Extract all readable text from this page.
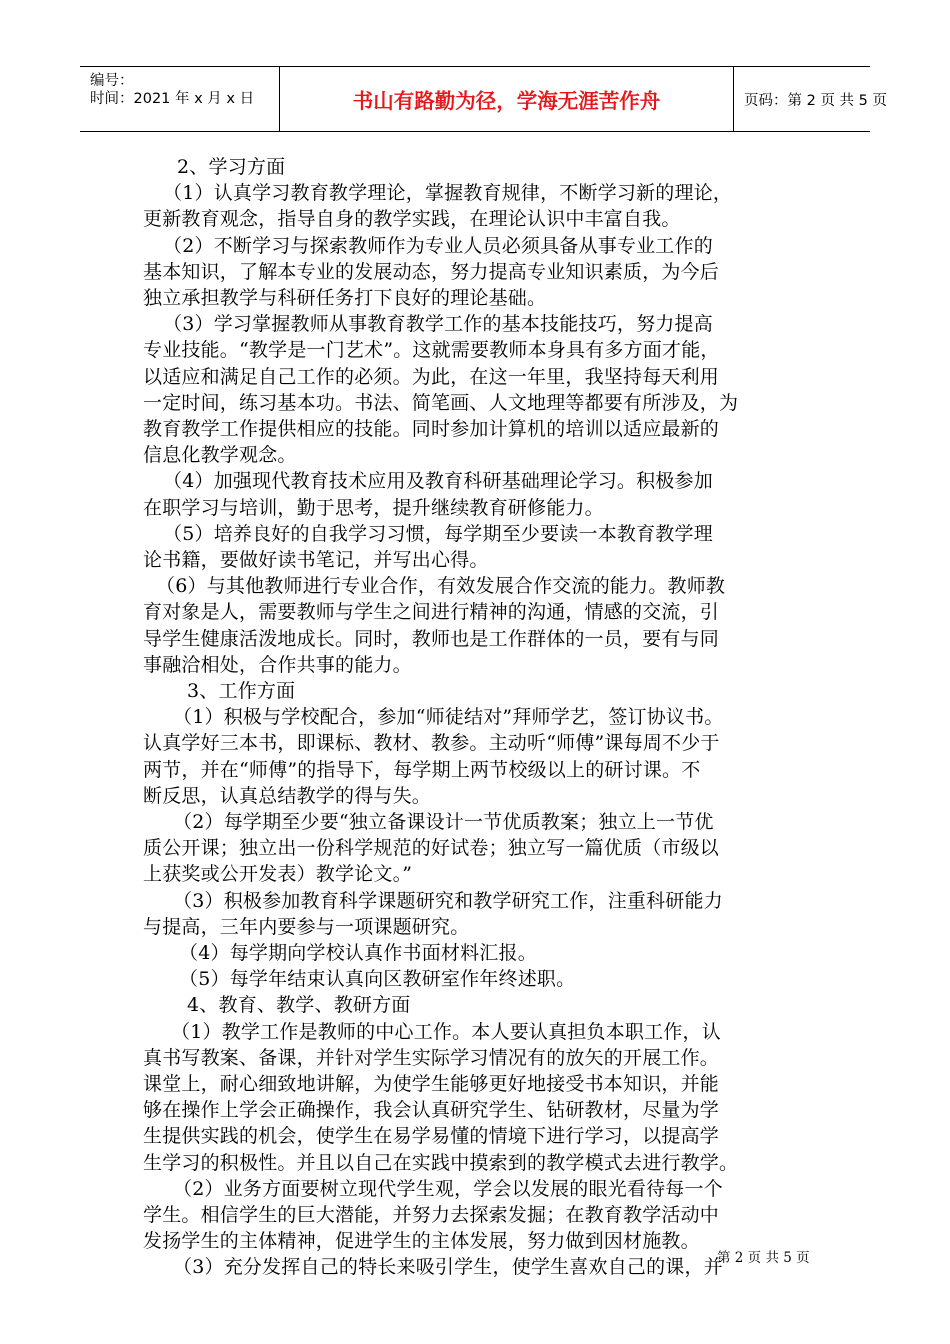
编号：
时间：2021 年 x 月 x 日	书山有路勤为径，学海无涯苦作舟	页码：第 2 页 共 5 页
2、学习方面
（1）认真学习教育教学理论，掌握教育规律，不断学习新的理论，
更新教育观念，指导自身的教学实践，在理论认识中丰富自我。
（2）不断学习与探索教师作为专业人员必须具备从事专业工作的
基本知识，了解本专业的发展动态，努力提高专业知识素质，为今后
独立承担教学与科研任务打下良好的理论基础。
（3）学习掌握教师从事教育教学工作的基本技能技巧，努力提高
专业技能。“教学是一门艺术”。这就需要教师本身具有多方面才能，
以适应和满足自己工作的必须。为此，在这一年里，我坚持每天利用
一定时间，练习基本功。书法、简笔画、人文地理等都要有所涉及，为
教育教学工作提供相应的技能。同时参加计算机的培训以适应最新的
信息化教学观念。
（4）加强现代教育技术应用及教育科研基础理论学习。积极参加
在职学习与培训，勤于思考，提升继续教育研修能力。
（5）培养良好的自我学习习惯，每学期至少要读一本教育教学理
论书籍，要做好读书笔记，并写出心得。
（6）与其他教师进行专业合作，有效发展合作交流的能力。教师教
育对象是人，需要教师与学生之间进行精神的沟通，情感的交流，引
导学生健康活泼地成长。同时，教师也是工作群体的一员，要有与同
事融洽相处，合作共事的能力。
3、工作方面
（1）积极与学校配合，参加“师徒结对”拜师学艺，签订协议书。
认真学好三本书，即课标、教材、教参。主动听“师傅”课每周不少于
两节，并在“师傅”的指导下，每学期上两节校级以上的研讨课。不
断反思，认真总结教学的得与失。
（2）每学期至少要“独立备课设计一节优质教案；独立上一节优
质公开课；独立出一份科学规范的好试卷；独立写一篇优质（市级以
上获奖或公开发表）教学论文。”
（3）积极参加教育科学课题研究和教学研究工作，注重科研能力
与提高，三年内要参与一项课题研究。
（4）每学期向学校认真作书面材料汇报。
（5）每学年结束认真向区教研室作年终述职。
4、教育、教学、教研方面
（1）教学工作是教师的中心工作。本人要认真担负本职工作，认
真书写教案、备课，并针对学生实际学习情况有的放矢的开展工作。
课堂上，耐心细致地讲解，为使学生能够更好地接受书本知识，并能
够在操作上学会正确操作，我会认真研究学生、钻研教材，尽量为学
生提供实践的机会，使学生在易学易懂的情境下进行学习，以提高学
生学习的积极性。并且以自己在实践中摸索到的教学模式去进行教学。
（2）业务方面要树立现代学生观，学会以发展的眼光看待每一个
学生。相信学生的巨大潜能，并努力去探索发掘；在教育教学活动中
发扬学生的主体精神，促进学生的主体发展，努力做到因材施教。
（3）充分发挥自己的特长来吸引学生，使学生喜欢自己的课，并
第 2 页 共 5 页
